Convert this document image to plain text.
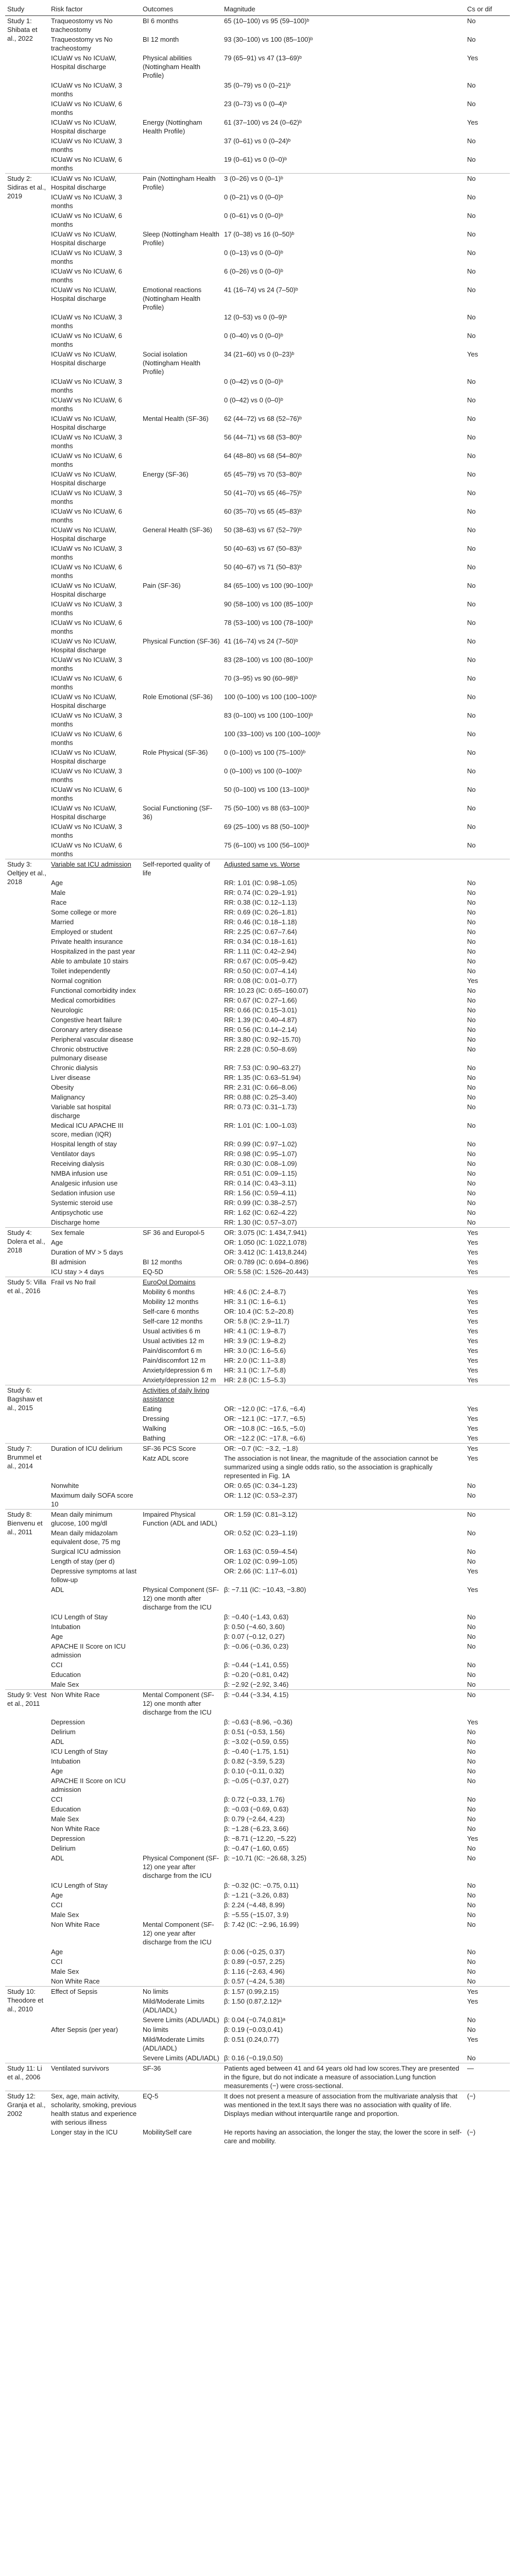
Study	Risk factor	Outcomes	Magnitude	Cs or dif
Study 1: Shibata et al., 2022	Traqueostomy vs No tracheostomy	BI 6 months	65 (10–100) vs 95 (59–100)ᵇ	No
	Traqueostomy vs No tracheostomy	BI 12 month	93 (30–100) vs 100 (85–100)ᵇ	No
	ICUaW vs No ICUaW, Hospital discharge	Physical abilities (Nottingham Health Profile)	79 (65–91) vs 47 (13–69)ᵇ	Yes
	ICUaW vs No ICUaW, 3 months		35 (0–79) vs 0 (0–21)ᵇ	No
	ICUaW vs No ICUaW, 6 months		23 (0–73) vs 0 (0–4)ᵇ	No
	ICUaW vs No ICUaW, Hospital discharge	Energy (Nottingham Health Profile)	61 (37–100) vs 24 (0–62)ᵇ	Yes
	ICUaW vs No ICUaW, 3 months		37 (0–61) vs 0 (0–24)ᵇ	No
	ICUaW vs No ICUaW, 6 months		19 (0–61) vs 0 (0–0)ᵇ	No
Study 2: Sidiras et al., 2019	ICUaW vs No ICUaW, Hospital discharge	Pain (Nottingham Health Profile)	3 (0–26) vs 0 (0–1)ᵇ	No
	ICUaW vs No ICUaW, 3 months		0 (0–21) vs 0 (0–0)ᵇ	No
	ICUaW vs No ICUaW, 6 months		0 (0–61) vs 0 (0–0)ᵇ	No
	ICUaW vs No ICUaW, Hospital discharge	Sleep (Nottingham Health Profile)	17 (0–38) vs 16 (0–50)ᵇ	No
	ICUaW vs No ICUaW, 3 months		0 (0–13) vs 0 (0–0)ᵇ	No
	ICUaW vs No ICUaW, 6 months		6 (0–26) vs 0 (0–0)ᵇ	No
	ICUaW vs No ICUaW, Hospital discharge	Emotional reactions (Nottingham Health Profile)	41 (16–74) vs 24 (7–50)ᵇ	No
	ICUaW vs No ICUaW, 3 months		12 (0–53) vs 0 (0–9)ᵇ	No
	ICUaW vs No ICUaW, 6 months		0 (0–40) vs 0 (0–0)ᵇ	No
	ICUaW vs No ICUaW, Hospital discharge	Social isolation (Nottingham Health Profile)	34 (21–60) vs 0 (0–23)ᵇ	Yes
	ICUaW vs No ICUaW, 3 months		0 (0–42) vs 0 (0–0)ᵇ	No
	ICUaW vs No ICUaW, 6 months		0 (0–42) vs 0 (0–0)ᵇ	No
	ICUaW vs No ICUaW, Hospital discharge	Mental Health (SF-36)	62 (44–72) vs 68 (52–76)ᵇ	No
	ICUaW vs No ICUaW, 3 months		56 (44–71) vs 68 (53–80)ᵇ	No
	ICUaW vs No ICUaW, 6 months		64 (48–80) vs 68 (54–80)ᵇ	No
	ICUaW vs No ICUaW, Hospital discharge	Energy (SF-36)	65 (45–79) vs 70 (53–80)ᵇ	No
	ICUaW vs No ICUaW, 3 months		50 (41–70) vs 65 (46–75)ᵇ	No
	ICUaW vs No ICUaW, 6 months		60 (35–70) vs 65 (45–83)ᵇ	No
	ICUaW vs No ICUaW, Hospital discharge	General Health (SF-36)	50 (38–63) vs 67 (52–79)ᵇ	No
	ICUaW vs No ICUaW, 3 months		50 (40–63) vs 67 (50–83)ᵇ	No
	ICUaW vs No ICUaW, 6 months		50 (40–67) vs 71 (50–83)ᵇ	No
	ICUaW vs No ICUaW, Hospital discharge	Pain (SF-36)	84 (65–100) vs 100 (90–100)ᵇ	No
	ICUaW vs No ICUaW, 3 months		90 (58–100) vs 100 (85–100)ᵇ	No
	ICUaW vs No ICUaW, 6 months		78 (53–100) vs 100 (78–100)ᵇ	No
	ICUaW vs No ICUaW, Hospital discharge	Physical Function (SF-36)	41 (16–74) vs 24 (7–50)ᵇ	No
	ICUaW vs No ICUaW, 3 months		83 (28–100) vs 100 (80–100)ᵇ	No
	ICUaW vs No ICUaW, 6 months		70 (3–95) vs 90 (60–98)ᵇ	No
	ICUaW vs No ICUaW, Hospital discharge	Role Emotional (SF-36)	100 (0–100) vs 100 (100–100)ᵇ	No
	ICUaW vs No ICUaW, 3 months		83 (0–100) vs 100 (100–100)ᵇ	No
	ICUaW vs No ICUaW, 6 months		100 (33–100) vs 100 (100–100)ᵇ	No
	ICUaW vs No ICUaW, Hospital discharge	Role Physical (SF-36)	0 (0–100) vs 100 (75–100)ᵇ	No
	ICUaW vs No ICUaW, 3 months		0 (0–100) vs 100 (0–100)ᵇ	No
	ICUaW vs No ICUaW, 6 months		50 (0–100) vs 100 (13–100)ᵇ	No
	ICUaW vs No ICUaW, Hospital discharge	Social Functioning (SF-36)	75 (50–100) vs 88 (63–100)ᵇ	No
	ICUaW vs No ICUaW, 3 months		69 (25–100) vs 88 (50–100)ᵇ	No
	ICUaW vs No ICUaW, 6 months		75 (6–100) vs 100 (56–100)ᵇ	No
Study 3: Oeltjey et al., 2018	Variable sat ICU admission	Self-reported quality of life	Adjusted same vs. Worse	
	Age		RR: 1.01 (IC: 0.98–1.05)	No
	Male		RR: 0.74 (IC: 0.29–1.91)	No
	Race		RR: 0.38 (IC: 0.12–1.13)	No
	Some college or more		RR: 0.69 (IC: 0.26–1.81)	No
	Married		RR: 0.46 (IC: 0.18–1.18)	No
	Employed or student		RR: 2.25 (IC: 0.67–7.64)	No
	Private health insurance		RR: 0.34 (IC: 0.18–1.61)	No
	Hospitalized in the past year		RR: 1.11 (IC: 0.42–2.94)	No
	Able to ambulate 10 stairs		RR: 0.67 (IC: 0.05–9.42)	No
	Toilet independently		RR: 0.50 (IC: 0.07–4.14)	No
	Normal cognition		RR: 0.08 (IC: 0.01–0.77)	Yes
	Functional comorbidity index		RR: 10.23 (IC: 0.65–160.07)	No
	Medical comorbidities		RR: 0.67 (IC: 0.27–1.66)	No
	Neurologic		RR: 0.66 (IC: 0.15–3.01)	No
	Congestive heart failure		RR: 1.39 (IC: 0.40–4.87)	No
	Coronary artery disease		RR: 0.56 (IC: 0.14–2.14)	No
	Peripheral vascular disease		RR: 3.80 (IC: 0.92–15.70)	No
	Chronic obstructive pulmonary disease		RR: 2.28 (IC: 0.50–8.69)	No
	Chronic dialysis		RR: 7.53 (IC: 0.90–63.27)	No
	Liver disease		RR: 1.35 (IC: 0.63–51.94)	No
	Obesity		RR: 2.31 (IC: 0.66–8.06)	No
	Malignancy		RR: 0.88 (IC: 0.25–3.40)	No
	Variable sat hospital discharge		RR: 0.73 (IC: 0.31–1.73)	No
	Medical ICU APACHE III score, median (IQR)		RR: 1.01 (IC: 1.00–1.03)	No
	Hospital length of stay		RR: 0.99 (IC: 0.97–1.02)	No
	Ventilator days		RR: 0.98 (IC: 0.95–1.07)	No
	Receiving dialysis		RR: 0.30 (IC: 0.08–1.09)	No
	NMBA infusion use		RR: 0.51 (IC: 0.09–1.15)	No
	Analgesic infusion use		RR: 0.14 (IC: 0.43–3.11)	No
	Sedation infusion use		RR: 1.56 (IC: 0.59–4.11)	No
	Systemic steroid use		RR: 0.99 (IC: 0.38–2.57)	No
	Antipsychotic use		RR: 1.62 (IC: 0.62–4.22)	No
	Discharge home		RR: 1.30 (IC: 0.57–3.07)	No
Study 4: Dolera et al., 2018	Sex female	SF 36 and Europol-5	OR: 3.075 (IC: 1.434,7.941)	Yes
	Age		OR: 1.050 (IC: 1.022,1.078)	Yes
	Duration of MV > 5 days		OR: 3.412 (IC: 1.413,8.244)	Yes
	BI admision	BI 12 months	OR: 0.789 (IC: 0.694–0.896)	Yes
	ICU stay > 4 days	EQ-5D	OR: 5.58 (IC: 1.526–20.443)	Yes
Study 5: Villa et al., 2016	Frail vs No frail	EuroQol Domains		
		Mobility 6 months	HR: 4.6 (IC: 2.4–8.7)	Yes
		Mobility 12 months	HR: 3.1 (IC: 1.6–6.1)	Yes
		Self-care 6 months	OR: 10.4 (IC: 5.2–20.8)	Yes
		Self-care 12 months	OR: 5.8 (IC: 2.9–11.7)	Yes
		Usual activities 6 m	HR: 4.1 (IC: 1.9–8.7)	Yes
		Usual activities 12 m	HR: 3.9 (IC: 1.9–8.2)	Yes
		Pain/discomfort 6 m	HR: 3.0 (IC: 1.6–5.6)	Yes
		Pain/discomfort 12 m	HR: 2.0 (IC: 1.1–3.8)	Yes
		Anxiety/depression 6 m	HR: 3.1 (IC: 1.7–5.8)	Yes
		Anxiety/depression 12 m	HR: 2.8 (IC: 1.5–5.3)	Yes
Study 6: Bagshaw et al., 2015		Activities of daily living assistance		
		Eating	OR: −12.0 (IC: −17.6, −6.4)	Yes
		Dressing	OR: −12.1 (IC: −17.7, −6.5)	Yes
		Walking	OR: −10.8 (IC: −16.5, −5.0)	Yes
		Bathing	OR: −12.2 (IC: −17.8, −6.6)	Yes
Study 7: Brummel et al., 2014	Duration of ICU delirium	SF-36 PCS Score	OR: −0.7 (IC: −3.2, −1.8)	Yes
		Katz ADL score	The association is not linear, the magnitude of the association cannot be summarized using a single odds ratio, so the association is graphically represented in Fig. 1A	Yes
	Nonwhite		OR: 0.65 (IC: 0.34–1.23)	No
	Maximum daily SOFA score 10		OR: 1.12 (IC: 0.53–2.37)	No
Study 8: Bienvenu et al., 2011	Mean daily minimum glucose, 100 mg/dl	Impaired Physical Function (ADL and IADL)	OR: 1.59 (IC: 0.81–3.12)	No
	Mean daily midazolam equivalent dose, 75 mg		OR: 0.52 (IC: 0.23–1.19)	No
	Surgical ICU admission		OR: 1.63 (IC: 0.59–4.54)	No
	Length of stay (per d)		OR: 1.02 (IC: 0.99–1.05)	No
	Depressive symptoms at last follow-up		OR: 2.66 (IC: 1.17–6.01)	Yes
	ADL	Physical Component (SF-12) one month after discharge from the ICU	β: −7.11 (IC: −10.43, −3.80)	Yes
	ICU Length of Stay		β: −0.40 (−1.43, 0.63)	No
	Intubation		β: 0.50 (−4.60, 3.60)	No
	Age		β: 0.07 (−0.12, 0.27)	No
	APACHE II Score on ICU admission		β: −0.06 (−0.36, 0.23)	No
	CCI		β: −0.44 (−1.41, 0.55)	No
	Education		β: −0.20 (−0.81, 0.42)	No
	Male Sex		β: −2.92 (−2.92, 3.46)	No
Study 9: Vest et al., 2011	Non White Race	Mental Component (SF-12) one month after discharge from the ICU	β: −0.44 (−3.34, 4.15)	No
	Depression		β: −0.63 (−8.96, −0.36)	Yes
	Delirium		β: 0.51 (−0.53, 1.56)	No
	ADL		β: −3.02 (−0.59, 0.55)	No
	ICU Length of Stay		β: −0.40 (−1.75, 1.51)	No
	Intubation		β: 0.82 (−3.59, 5.23)	No
	Age		β: 0.10 (−0.11, 0.32)	No
	APACHE II Score on ICU admission		β: −0.05 (−0.37, 0.27)	No
	CCI		β: 0.72 (−0.33, 1.76)	No
	Education		β: −0.03 (−0.69, 0.63)	No
	Male Sex		β: 0.79 (−2.64, 4.23)	No
	Non White Race		β: −1.28 (−6.23, 3.66)	No
	Depression		β: −8.71 (−12.20, −5.22)	Yes
	Delirium		β: −0.47 (−1.60, 0.65)	No
	ADL	Physical Component (SF-12) one year after discharge from the ICU	β: −10.71 (IC: −26.68, 3.25)	No
	ICU Length of Stay		β: −0.32 (IC: −0.75, 0.11)	No
	Age		β: −1.21 (−3.26, 0.83)	No
	CCI		β: 2.24 (−4.48, 8.99)	No
	Male Sex		β: −5.55 (−15.07, 3.9)	No
	Non White Race	Mental Component (SF-12) one year after discharge from the ICU	β: 7.42 (IC: −2.96, 16.99)	No
	Age		β: 0.06 (−0.25, 0.37)	No
	CCI		β: 0.89 (−0.57, 2.25)	No
	Male Sex		β: 1.16 (−2.63, 4.96)	No
	Non White Race		β: 0.57 (−4.24, 5.38)	No
Study 10: Theodore et al., 2010	Effect of Sepsis	No limits	β: 1.57 (0.99,2.15)	Yes
		Mild/Moderate Limits (ADL/IADL)	β: 1.50 (0.87,2.12)ᵃ	Yes
		Severe Limits (ADL/IADL)	β: 0.04 (−0.74,0.81)ᵃ	No
	After Sepsis (per year)	No limits	β: 0.19 (−0.03,0.41)	No
		Mild/Moderate Limits (ADL/IADL)	β: 0.51 (0.24,0.77)	Yes
		Severe Limits (ADL/IADL)	β: 0.16 (−0.19,0.50)	No
Study 11: Li et al., 2006	Ventilated survivors	SF-36	Patients aged between 41 and 64 years old had low scores.They are presented in the figure, but do not indicate a measure of association.Lung function measurements (−) were cross-sectional.	—
Study 12: Granja et al., 2002	Sex, age, main activity, scholarity, smoking, previous health status and experience with serious illness	EQ-5	It does not present a measure of association from the multivariate analysis that was mentioned in the text.It says there was no association with quality of life. Displays median without interquartile range and proportion.	(−)
	Longer stay in the ICU	MobilitySelf care	He reports having an association, the longer the stay, the lower the score in self-care and mobility.	(−)
